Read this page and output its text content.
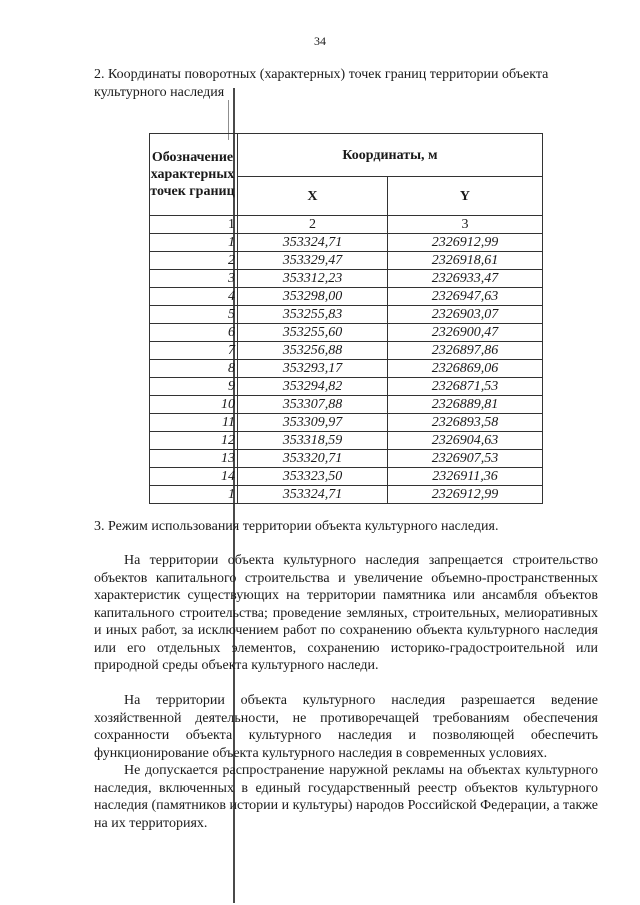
34
2. Координаты поворотных (характерных) точек границ территории объекта культурного наследия
Обозначение характерных точек границ	Координаты, м	
	X	Y
1	2	3
1	353324,71	2326912,99
2	353329,47	2326918,61
3	353312,23	2326933,47
4	353298,00	2326947,63
5	353255,83	2326903,07
6	353255,60	2326900,47
7	353256,88	2326897,86
8	353293,17	2326869,06
9	353294,82	2326871,53
10	353307,88	2326889,81
11	353309,97	2326893,58
12	353318,59	2326904,63
13	353320,71	2326907,53
14	353323,50	2326911,36
1	353324,71	2326912,99
3. Режим использования территории объекта культурного наследия.
На территории объекта культурного наследия запрещается строительство объектов капитального строительства и увеличение объемно-пространственных характеристик существующих на территории памятника или ансамбля объектов капитального строительства; проведение земляных, строительных, мелиоративных и иных работ, за исключением работ по сохранению объекта культурного наследия или его отдельных элементов, сохранению историко-градостроительной или природной среды объекта культурного наследи.
На территории объекта культурного наследия разрешается ведение хозяйственной деятельности, не противоречащей требованиям обеспечения сохранности объекта культурного наследия и позволяющей обеспечить функционирование объекта культурного наследия в современных условиях.
Не допускается распространение наружной рекламы на объектах культурного наследия, включенных в единый государственный реестр объектов культурного наследия (памятников истории и культуры) народов Российской Федерации, а также на их территориях.
